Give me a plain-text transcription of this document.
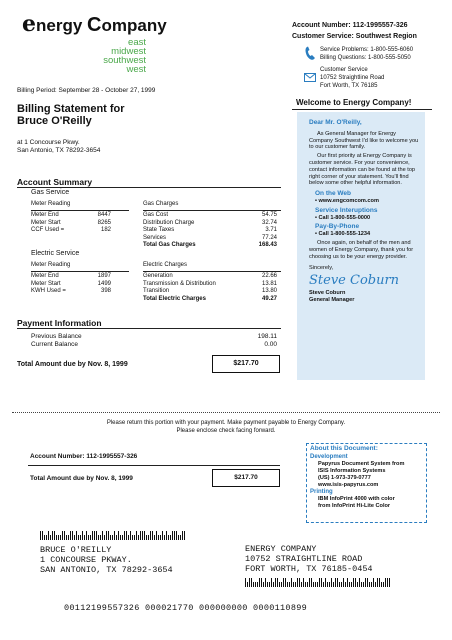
energy Company
east
midwest
southwest
west
Billing Period: September 28 - October 27, 1999
Account Number: 112-1995557-326
Customer Service: Southwest Region
Service Problems: 1-800-555-6060
Billing Questions: 1-800-555-5050
Customer Service
10752 Straightline Road
Fort Worth, TX 76185
Billing Statement for
Bruce O'Reilly
at 1 Concourse Pkwy.
San Antonio, TX 78292-3654
Account Summary
Gas Service
Meter Reading
Meter End	8447
Meter Start	8265
CCF Used =	182
Gas Charges
Gas Cost	54.75
Distribution Charge	32.74
State Taxes	3.71
Services	77.24
Total Gas Charges	168.43
Electric Service
Meter Reading
Meter End	1897
Meter Start	1499
KWH Used =	398
Electric Charges
Generation	22.66
Transmission & Distribution	13.81
Transition	13.80
Total Electric Charges	49.27
Payment Information
Previous Balance	198.11
Current Balance	0.00
Total Amount due by Nov. 8, 1999	$217.70
Welcome to Energy Company!
Dear Mr. O'Reilly,
As General Manager for Energy Company Southwest I'd like to welcome you to our customer family.
Our first priority at Energy Company is customer service. For your convenience, contact information can be found at the top right corner of your statement. You'll find below some other helpful information.
On the Web
• www.engcomcom.com
Service Interuptions
• Call 1-800-555-0000
Pay-By-Phone
• Call 1-800-555-1234
Once again, on behalf of the men and women of Energy Company, thank you for choosing us to be your energy provider.
Sincerely,
Steve Coburn
Steve Coburn
General Manager
Please return this portion with your payment. Make payment payable to Energy Company.
Please enclose check facing forward.
Account Number: 112-1995557-326
Total Amount due by Nov. 8, 1999	$217.70
About this Document:
Development
Papyrus Document System from
ISIS Information Systems
(US) 1-973-379-0777
www.isis-papyrus.com
Printing
IBM InfoPrint 4000 with color
from InfoPrint Hi-Lite Color
BRUCE O'REILLY
1 CONCOURSE PKWAY.
SAN ANTONIO, TX 78292-3654
ENERGY COMPANY
10752 STRAIGHTLINE ROAD
FORT WORTH, TX 76185-0454
00112199557326 000021770 000000000 0000110899
